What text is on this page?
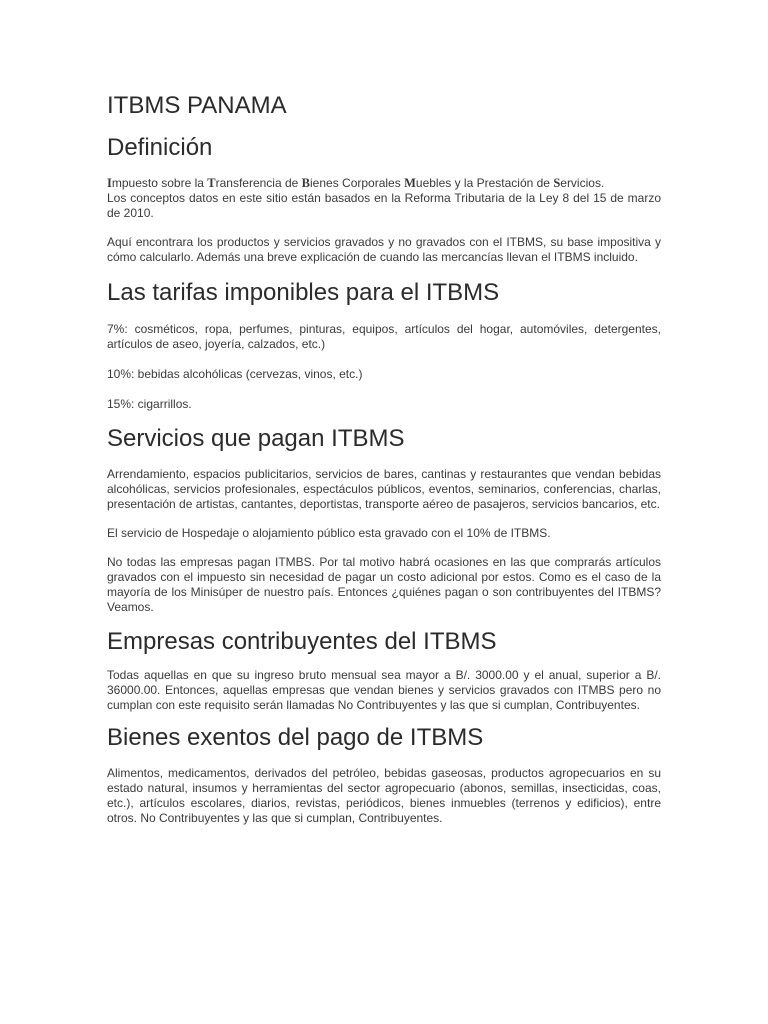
ITBMS PANAMA
Definición

Impuesto sobre la Transferencia de Bienes Corporales Muebles y la Prestación de Servicios.

Los conceptos datos en este sitio están basados en la Reforma Tributaria de la Ley 8 del 15 de marzo de 2010.

Aquí encontrara los productos y servicios gravados y no gravados con el ITBMS, su base impositiva y cómo calcularlo. Además una breve explicación de cuando las mercancías llevan el ITBMS incluido.

Las tarifas imponibles para el ITBMS

7%: cosméticos, ropa, perfumes, pinturas, equipos, artículos del hogar, automóviles, detergentes, artículos de aseo, joyería, calzados, etc.)

10%: bebidas alcohólicas (cervezas, vinos, etc.)

15%: cigarrillos.

Servicios que pagan ITBMS

Arrendamiento, espacios publicitarios, servicios de bares, cantinas y restaurantes que vendan bebidas alcohólicas, servicios profesionales, espectáculos públicos, eventos, seminarios, conferencias, charlas, presentación de artistas, cantantes, deportistas, transporte aéreo de pasajeros, servicios bancarios, etc.

El servicio de Hospedaje o alojamiento público esta gravado con el 10% de ITBMS.

No todas las empresas pagan ITMBS. Por tal motivo habrá ocasiones en las que comprarás artículos gravados con el impuesto sin necesidad de pagar un costo adicional por estos. Como es el caso de la mayoría de los Minisúper de nuestro país. Entonces ¿quiénes pagan o son contribuyentes del ITBMS? Veamos.

Empresas contribuyentes del ITBMS

Todas aquellas en que su ingreso bruto mensual sea mayor a B/. 3000.00 y el anual, superior a B/. 36000.00. Entonces, aquellas empresas que vendan bienes y servicios gravados con ITMBS pero no cumplan con este requisito serán llamadas No Contribuyentes y las que si cumplan, Contribuyentes.

Bienes exentos del pago de ITBMS

Alimentos, medicamentos, derivados del petróleo, bebidas gaseosas, productos agropecuarios en su estado natural, insumos y herramientas del sector agropecuario (abonos, semillas, insecticidas, coas, etc.), artículos escolares, diarios, revistas, periódicos, bienes inmuebles (terrenos y edificios), entre otros. No Contribuyentes y las que si cumplan, Contribuyentes.
